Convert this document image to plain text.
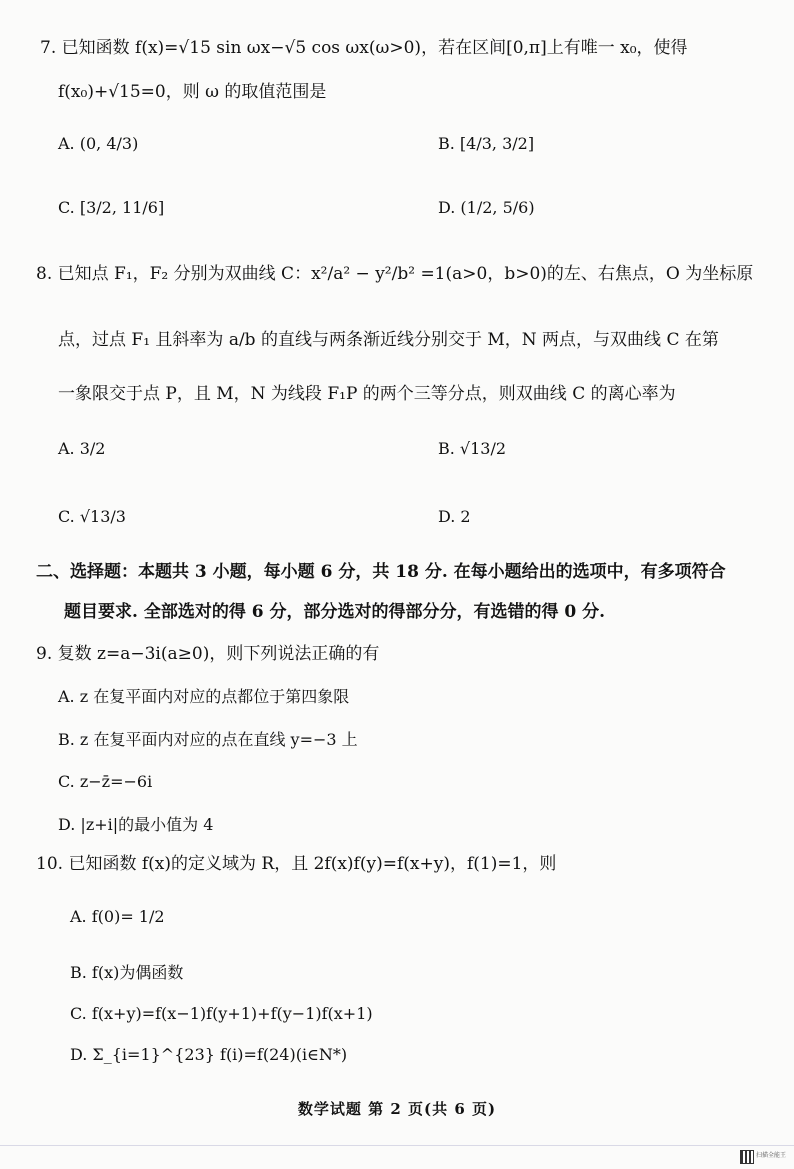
7. 已知函数 f(x)=√15 sin ωx−√5 cos ωx(ω>0)，若在区间[0,π]上有唯一 x₀，使得
f(x₀)+√15=0，则 ω 的取值范围是
A. (0, 4/3)	B. [4/3, 3/2]
C. [3/2, 11/6]	D. (1/2, 5/6)
8. 已知点 F₁，F₂ 分别为双曲线 C：x²/a² − y²/b² =1(a>0，b>0)的左、右焦点，O 为坐标原
点，过点 F₁ 且斜率为 a/b 的直线与两条渐近线分别交于 M，N 两点，与双曲线 C 在第
一象限交于点 P，且 M，N 为线段 F₁P 的两个三等分点，则双曲线 C 的离心率为
A. 3/2	B. √13/2
C. √13/3	D. 2
二、选择题：本题共 3 小题，每小题 6 分，共 18 分. 在每小题给出的选项中，有多项符合
题目要求. 全部选对的得 6 分，部分选对的得部分分，有选错的得 0 分.
9. 复数 z=a−3i(a≥0)，则下列说法正确的有
A. z 在复平面内对应的点都位于第四象限
B. z 在复平面内对应的点在直线 y=−3 上
C. z−z̄=−6i
D. |z+i|的最小值为 4
10. 已知函数 f(x)的定义域为 R，且 2f(x)f(y)=f(x+y)，f(1)=1，则
A. f(0)= 1/2
B. f(x)为偶函数
C. f(x+y)=f(x−1)f(y+1)+f(y−1)f(x+1)
D. Σ_{i=1}^{23} f(i)=f(24)(i∈N*)
数学试题 第 2 页(共 6 页)
扫描全能王
